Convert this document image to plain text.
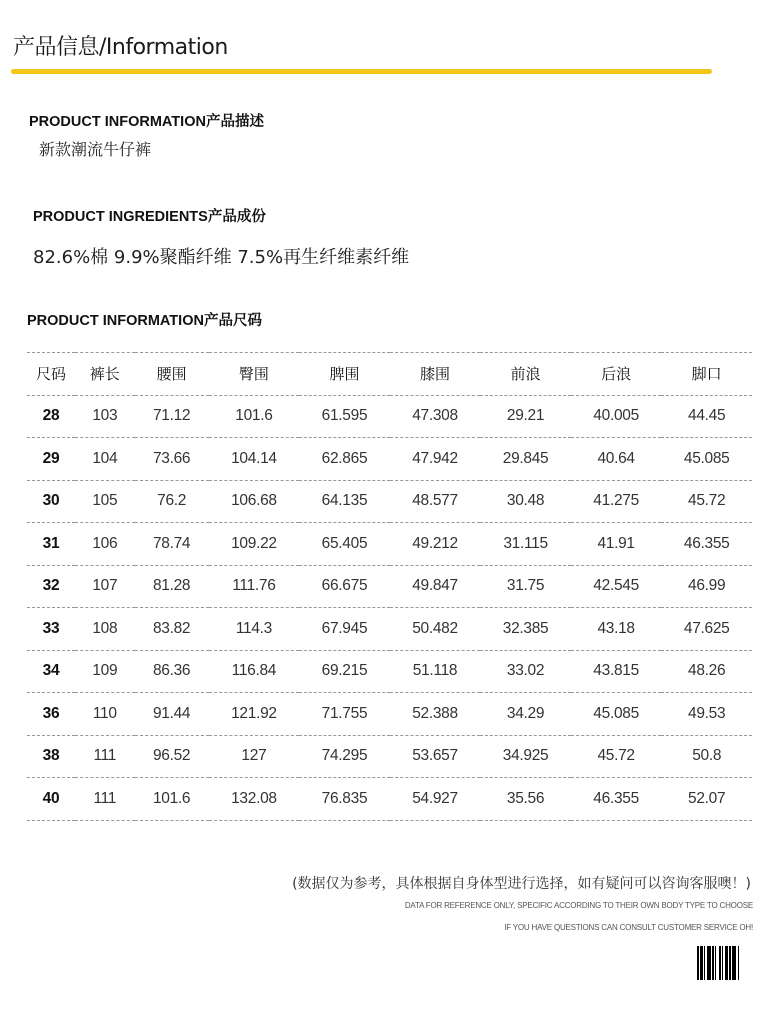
产品信息/Information
PRODUCT INFORMATION产品描述
新款潮流牛仔裤
PRODUCT INGREDIENTS产品成份
82.6%棉 9.9%聚酯纤维 7.5%再生纤维素纤维
PRODUCT INFORMATION产品尺码
尺码	裤长	腰围	臀围	脾围	膝围	前浪	后浪	脚口
28	103	71.12	101.6	61.595	47.308	29.21	40.005	44.45
29	104	73.66	104.14	62.865	47.942	29.845	40.64	45.085
30	105	76.2	106.68	64.135	48.577	30.48	41.275	45.72
31	106	78.74	109.22	65.405	49.212	31.115	41.91	46.355
32	107	81.28	111.76	66.675	49.847	31.75	42.545	46.99
33	108	83.82	114.3	67.945	50.482	32.385	43.18	47.625
34	109	86.36	116.84	69.215	51.118	33.02	43.815	48.26
36	110	91.44	121.92	71.755	52.388	34.29	45.085	49.53
38	111	96.52	127	74.295	53.657	34.925	45.72	50.8
40	111	101.6	132.08	76.835	54.927	35.56	46.355	52.07
(数据仅为参考，具体根据自身体型进行选择，如有疑问可以咨询客服噢！)
DATA FOR REFERENCE ONLY, SPECIFIC ACCORDING TO THEIR OWN BODY TYPE TO CHOOSE
IF YOU HAVE QUESTIONS CAN CONSULT CUSTOMER SERVICE OH!
